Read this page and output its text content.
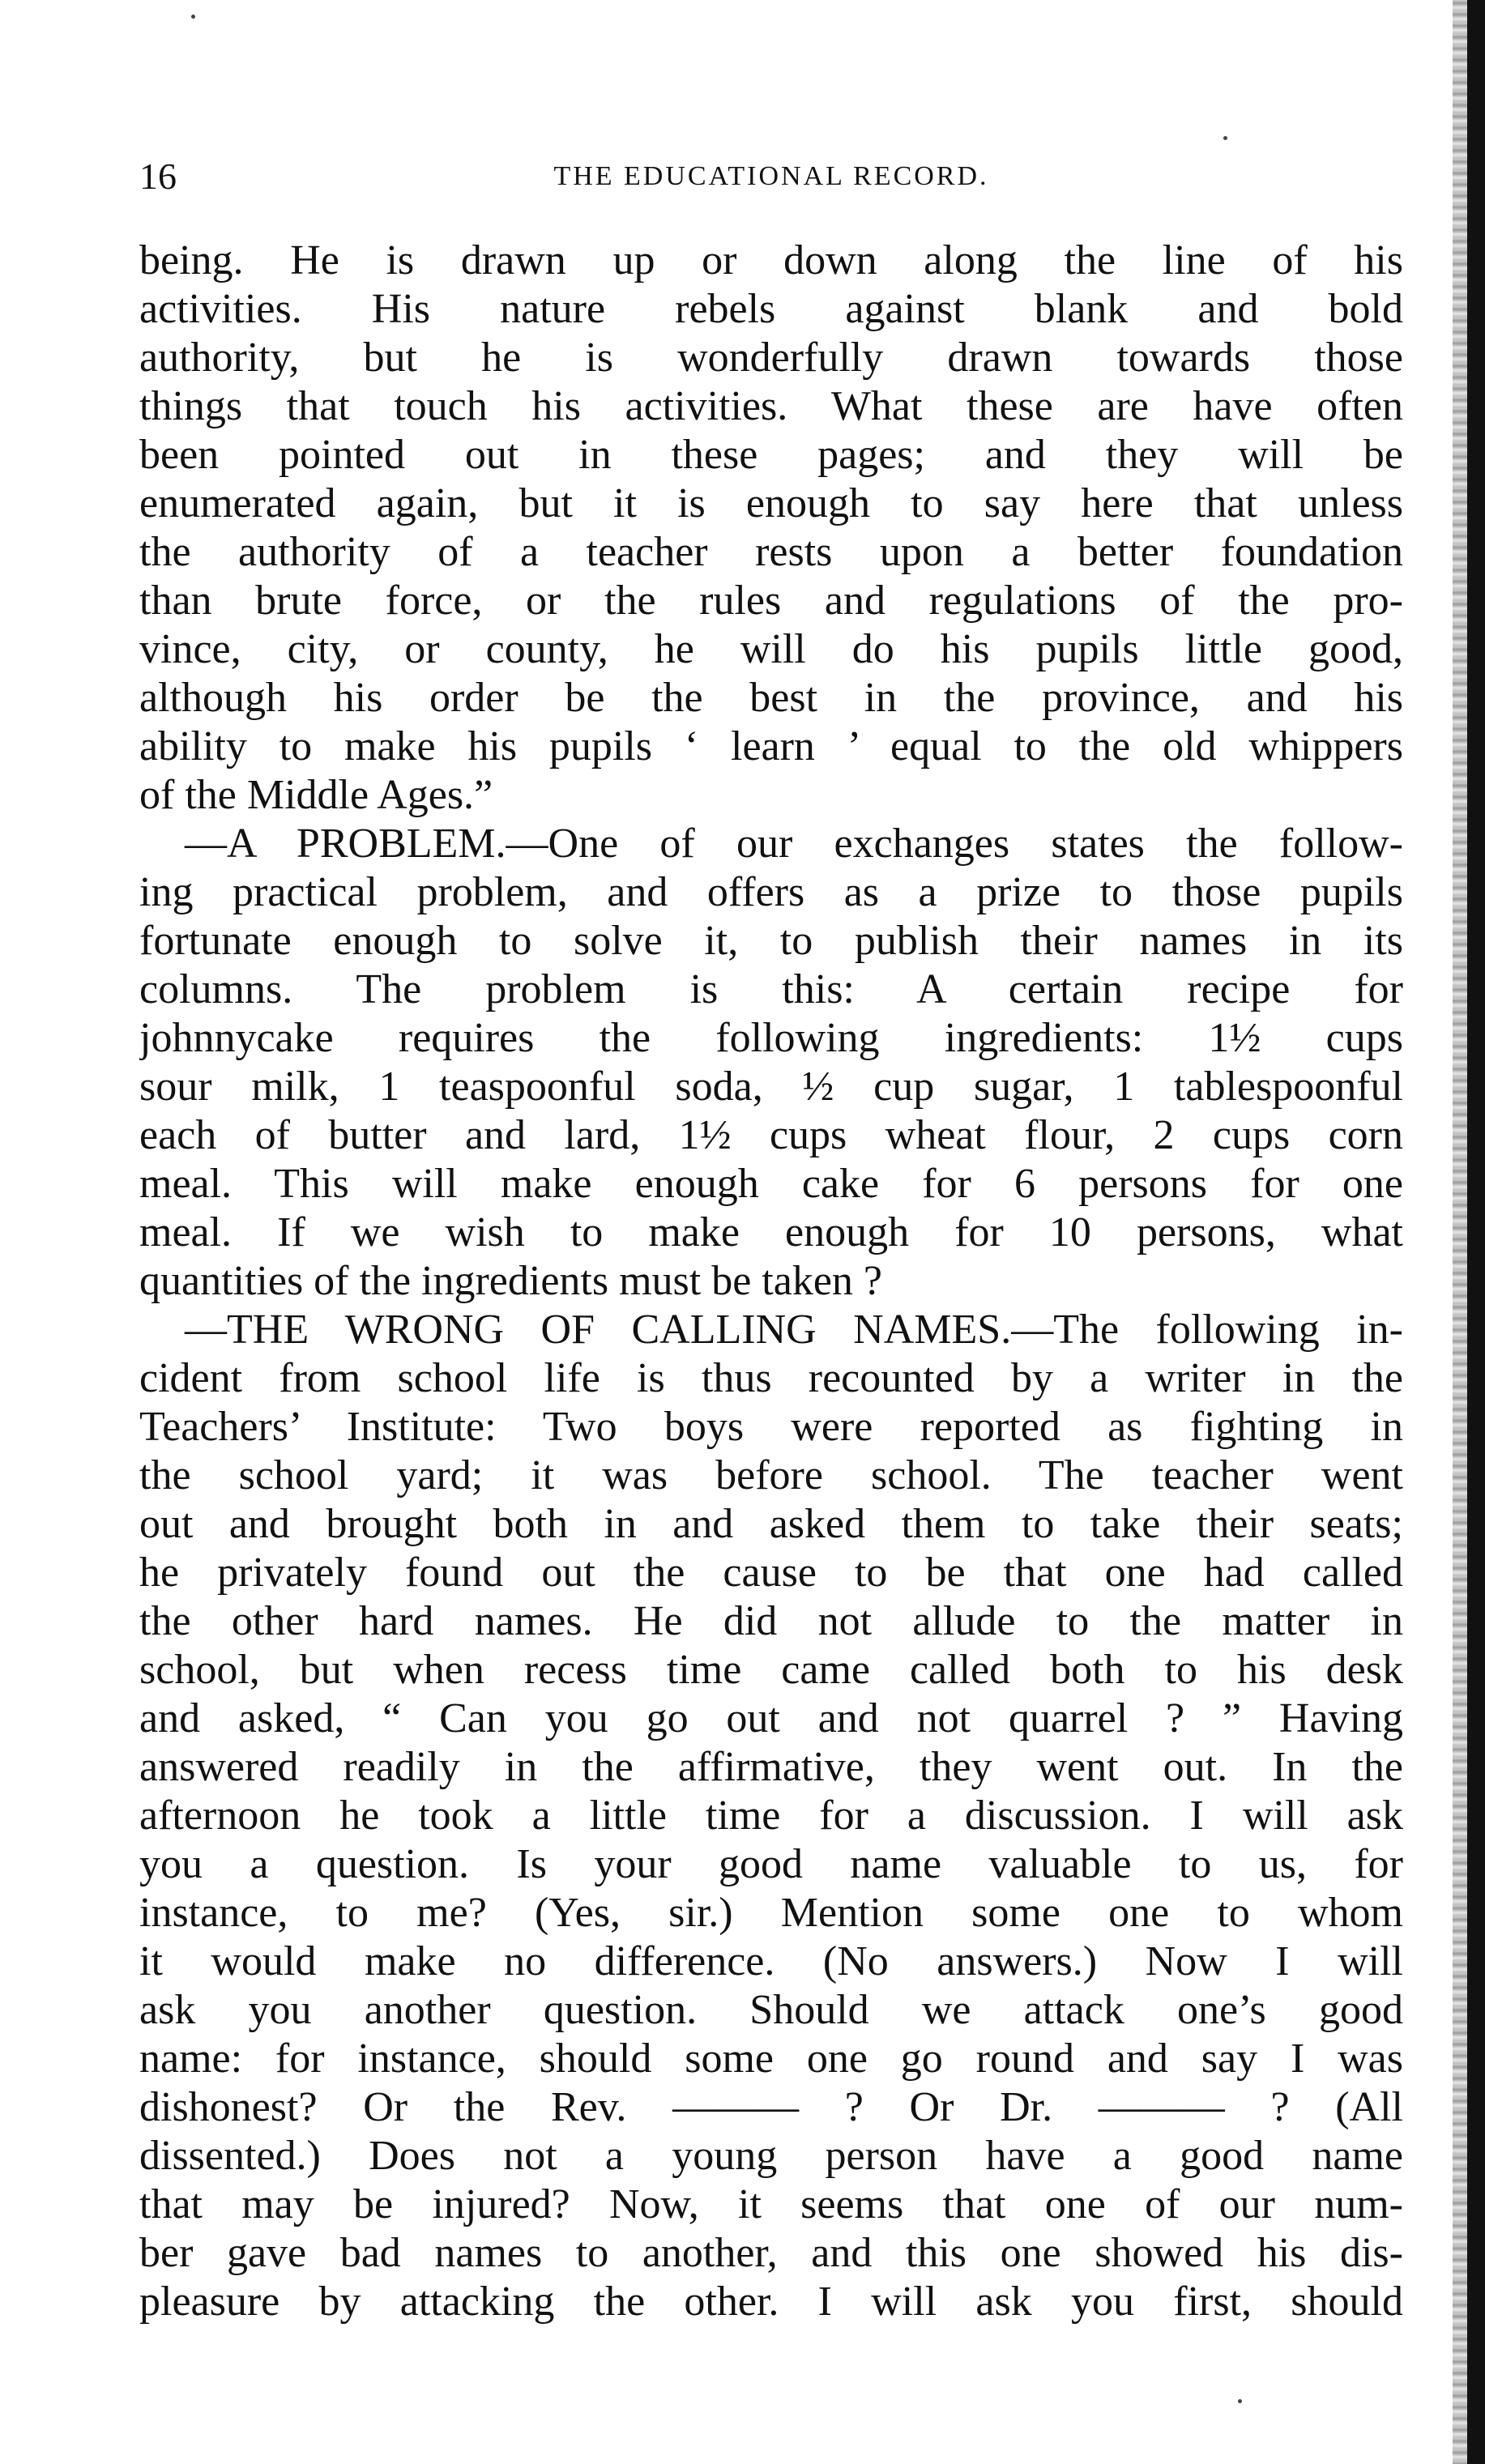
16	THE EDUCATIONAL RECORD.
being. He is drawn up or down along the line of his
activities. His nature rebels against blank and bold
authority, but he is wonderfully drawn towards those
things that touch his activities. What these are have often
been pointed out in these pages; and they will be
enumerated again, but it is enough to say here that unless
the authority of a teacher rests upon a better foundation
than brute force, or the rules and regulations of the pro-
vince, city, or county, he will do his pupils little good,
although his order be the best in the province, and his
ability to make his pupils ‘ learn ’ equal to the old whippers
of the Middle Ages.”
—A PROBLEM.—One of our exchanges states the follow-
ing practical problem, and offers as a prize to those pupils
fortunate enough to solve it, to publish their names in its
columns. The problem is this: A certain recipe for
johnnycake requires the following ingredients: 1½ cups
sour milk, 1 teaspoonful soda, ½ cup sugar, 1 tablespoonful
each of butter and lard, 1½ cups wheat flour, 2 cups corn
meal. This will make enough cake for 6 persons for one
meal. If we wish to make enough for 10 persons, what
quantities of the ingredients must be taken ?
—THE WRONG OF CALLING NAMES.—The following in-
cident from school life is thus recounted by a writer in the
Teachers’ Institute: Two boys were reported as fighting in
the school yard; it was before school. The teacher went
out and brought both in and asked them to take their seats;
he privately found out the cause to be that one had called
the other hard names. He did not allude to the matter in
school, but when recess time came called both to his desk
and asked, “ Can you go out and not quarrel ? ” Having
answered readily in the affirmative, they went out. In the
afternoon he took a little time for a discussion. I will ask
you a question. Is your good name valuable to us, for
instance, to me? (Yes, sir.) Mention some one to whom
it would make no difference. (No answers.) Now I will
ask you another question. Should we attack one’s good
name: for instance, should some one go round and say I was
dishonest? Or the Rev. ——— ? Or Dr. ——— ? (All
dissented.) Does not a young person have a good name
that may be injured? Now, it seems that one of our num-
ber gave bad names to another, and this one showed his dis-
pleasure by attacking the other. I will ask you first, should
